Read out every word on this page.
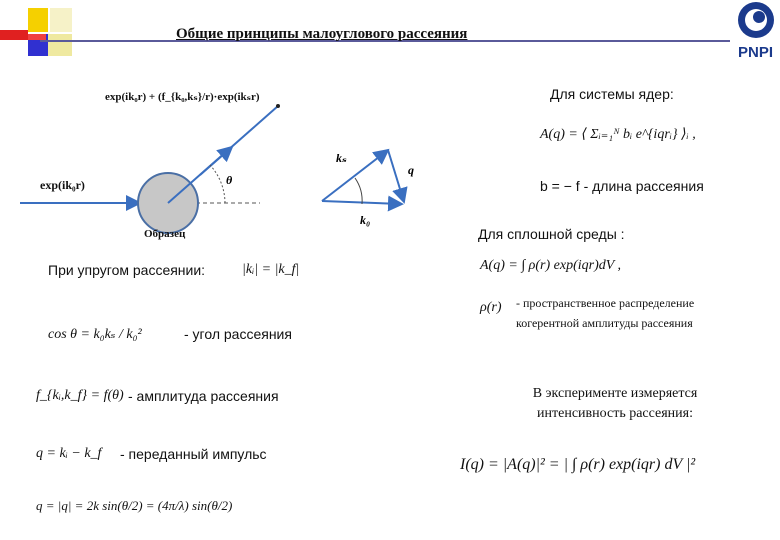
Общие принципы малоуглового рассеяния
PNPI
θ
kₛ
q
k₀
exp(ik₀r)
exp(ik₀r) + (f_{k₀,kₛ}/r)·exp(ikₛr)
Образец
Для системы ядер:
A(q) = ⟨ Σᵢ₌₁ᴺ bᵢ e^{iqrᵢ} ⟩ᵢ ,
b = − f - длина рассеяния
Для сплошной среды :
A(q) = ∫ ρ(r) exp(iqr)dV ,
ρ(r) - пространственное распределение
когерентной амплитуды рассеяния
В эксперименте измеряется
интенсивность рассеяния:
I(q) = |A(q)|² = | ∫ ρ(r) exp(iqr) dV |²
При упругом рассеянии:	|kᵢ| = |k_f|
cos θ = k₀kₛ / k₀²	- угол рассеяния
f_{kᵢ,k_f} = f(θ) - амплитуда рассеяния
q = kᵢ − k_f - переданный импульс
q = |q| = 2k sin(θ/2) = (4π/λ) sin(θ/2)
